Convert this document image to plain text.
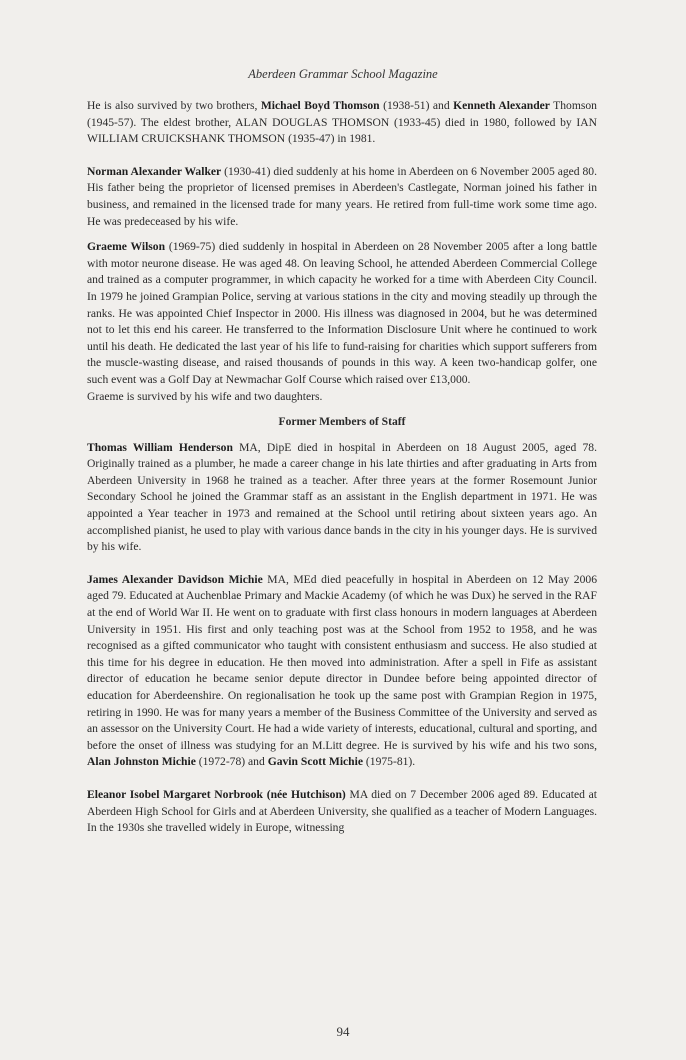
Aberdeen Grammar School Magazine

He is also survived by two brothers, Michael Boyd Thomson (1938-51) and Kenneth Alexander Thomson (1945-57). The eldest brother, ALAN DOUGLAS THOMSON (1933-45) died in 1980, followed by IAN WILLIAM CRUICKSHANK THOMSON (1935-47) in 1981.

Norman Alexander Walker (1930-41) died suddenly at his home in Aberdeen on 6 November 2005 aged 80. His father being the proprietor of licensed premises in Aberdeen's Castlegate, Norman joined his father in business, and remained in the licensed trade for many years. He retired from full-time work some time ago. He was predeceased by his wife.

Graeme Wilson (1969-75) died suddenly in hospital in Aberdeen on 28 November 2005 after a long battle with motor neurone disease. He was aged 48. On leaving School, he attended Aberdeen Commercial College and trained as a computer programmer, in which capacity he worked for a time with Aberdeen City Council. In 1979 he joined Grampian Police, serving at various stations in the city and moving steadily up through the ranks. He was appointed Chief Inspector in 2000. His illness was diagnosed in 2004, but he was determined not to let this end his career. He transferred to the Information Disclosure Unit where he continued to work until his death. He dedicated the last year of his life to fund-raising for charities which support sufferers from the muscle-wasting disease, and raised thousands of pounds in this way. A keen two-handicap golfer, one such event was a Golf Day at Newmachar Golf Course which raised over £13,000.
Graeme is survived by his wife and two daughters.

Former Members of Staff

Thomas William Henderson MA, DipE died in hospital in Aberdeen on 18 August 2005, aged 78. Originally trained as a plumber, he made a career change in his late thirties and after graduating in Arts from Aberdeen University in 1968 he trained as a teacher. After three years at the former Rosemount Junior Secondary School he joined the Grammar staff as an assistant in the English department in 1971. He was appointed a Year teacher in 1973 and remained at the School until retiring about sixteen years ago. An accomplished pianist, he used to play with various dance bands in the city in his younger days. He is survived by his wife.

James Alexander Davidson Michie MA, MEd died peacefully in hospital in Aberdeen on 12 May 2006 aged 79. Educated at Auchenblae Primary and Mackie Academy (of which he was Dux) he served in the RAF at the end of World War II. He went on to graduate with first class honours in modern languages at Aberdeen University in 1951. His first and only teaching post was at the School from 1952 to 1958, and he was recognised as a gifted communicator who taught with consistent enthusiasm and success. He also studied at this time for his degree in education. He then moved into administration. After a spell in Fife as assistant director of education he became senior depute director in Dundee before being appointed director of education for Aberdeenshire. On regionalisation he took up the same post with Grampian Region in 1975, retiring in 1990. He was for many years a member of the Business Committee of the University and served as an assessor on the University Court. He had a wide variety of interests, educational, cultural and sporting, and before the onset of illness was studying for an M.Litt degree. He is survived by his wife and his two sons, Alan Johnston Michie (1972-78) and Gavin Scott Michie (1975-81).

Eleanor Isobel Margaret Norbrook (née Hutchison) MA died on 7 December 2006 aged 89. Educated at Aberdeen High School for Girls and at Aberdeen University, she qualified as a teacher of Modern Languages. In the 1930s she travelled widely in Europe, witnessing

94
